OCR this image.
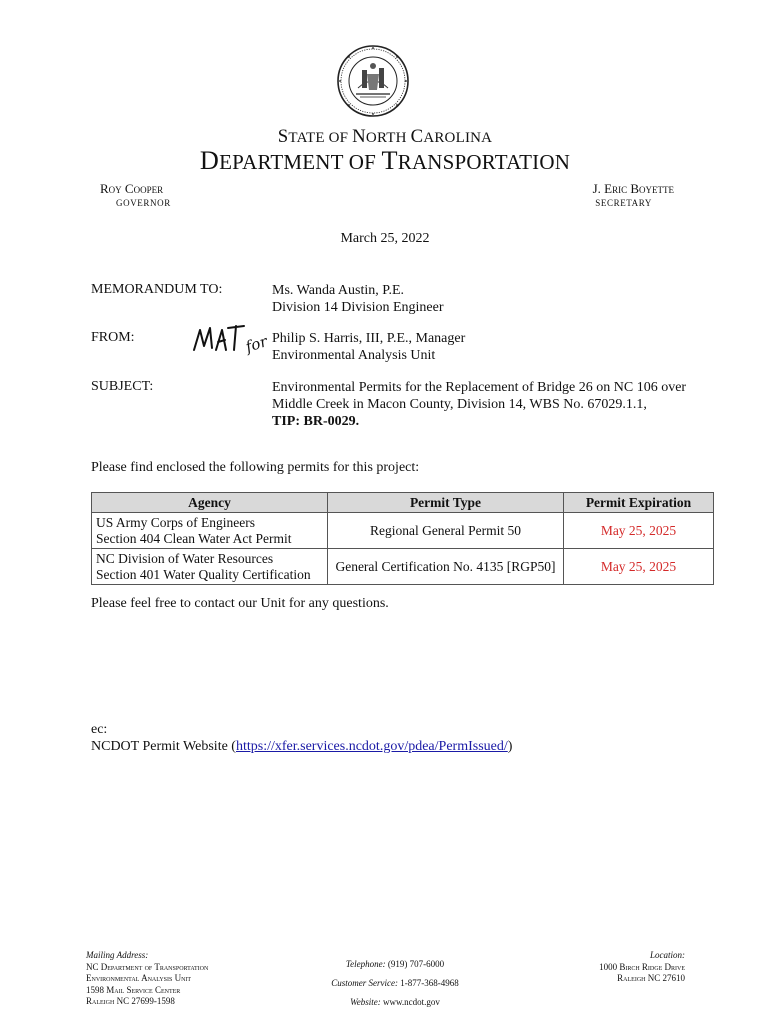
STATE OF NORTH CAROLINA
DEPARTMENT OF TRANSPORTATION
Roy Cooper
GOVERNOR
J. Eric Boyette
SECRETARY
March 25, 2022
MEMORANDUM TO:	Ms. Wanda Austin, P.E.
Division 14 Division Engineer
FROM:	for Philip S. Harris, III, P.E., Manager
Environmental Analysis Unit
SUBJECT:	Environmental Permits for the Replacement of Bridge 26 on NC 106 over
Middle Creek in Macon County, Division 14, WBS No. 67029.1.1,
TIP: BR-0029.
Please find enclosed the following permits for this project:
Agency	Permit Type	Permit Expiration

US Army Corps of Engineers
Section 404 Clean Water Act Permit	Regional General Permit 50	May 25, 2025

NC Division of Water Resources
Section 401 Water Quality Certification	General Certification No. 4135 [RGP50]	May 25, 2025
Please feel free to contact our Unit for any questions.
ec:
NCDOT Permit Website (https://xfer.services.ncdot.gov/pdea/PermIssued/)
Mailing Address:
NC Department of Transportation
Environmental Analysis Unit
1598 Mail Service Center
Raleigh NC 27699-1598
Telephone: (919) 707-6000
Customer Service: 1-877-368-4968
Website: www.ncdot.gov
Location:
1000 Birch Ridge Drive
Raleigh NC 27610
